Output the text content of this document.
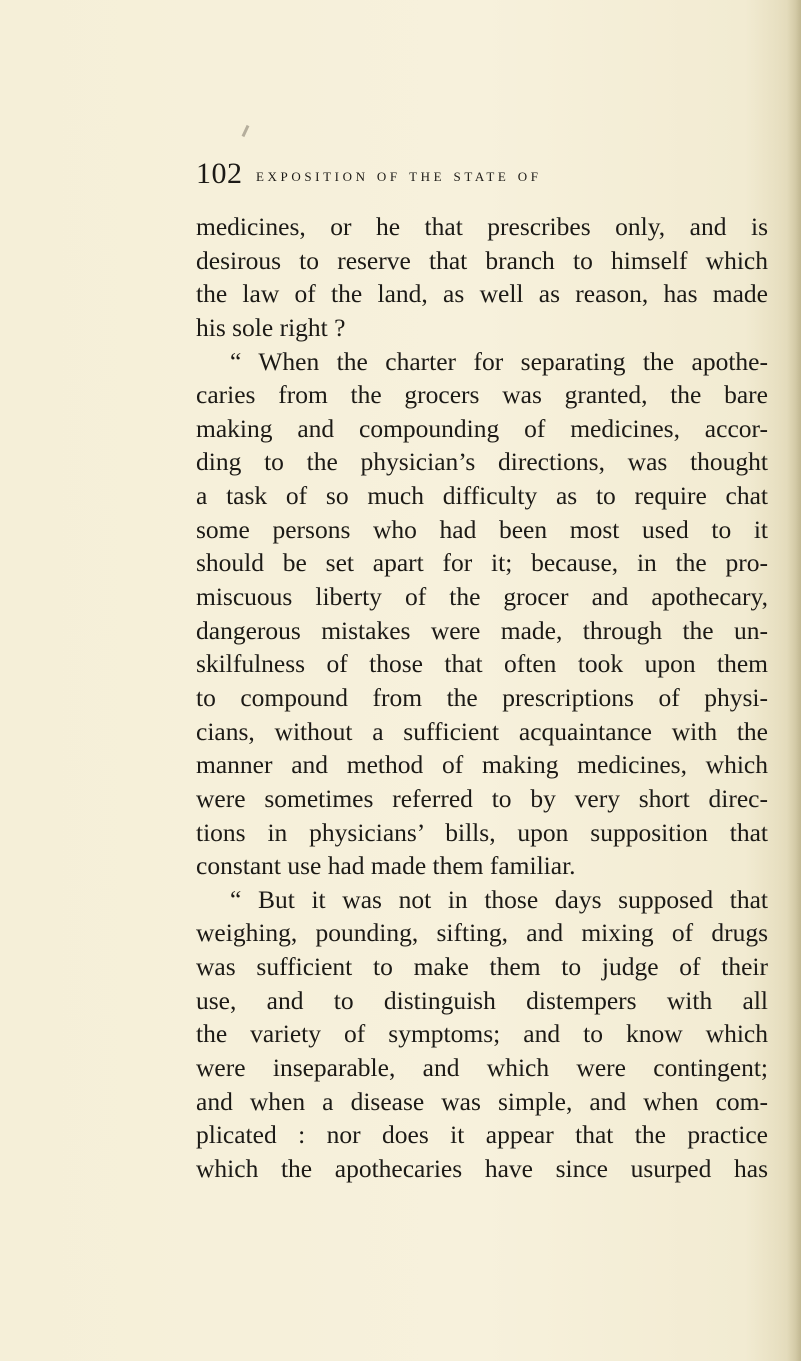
102 exposition of the state of
medicines, or he that prescribes only, and is
desirous to reserve that branch to himself which
the law of the land, as well as reason, has made
his sole right ?
“ When the charter for separating the apothe-
caries from the grocers was granted, the bare
making and compounding of medicines, accor-
ding to the physician’s directions, was thought
a task of so much difficulty as to require chat
some persons who had been most used to it
should be set apart for it; because, in the pro-
miscuous liberty of the grocer and apothecary,
dangerous mistakes were made, through the un-
skilfulness of those that often took upon them
to compound from the prescriptions of physi-
cians, without a sufficient acquaintance with the
manner and method of making medicines, which
were sometimes referred to by very short direc-
tions in physicians’ bills, upon supposition that
constant use had made them familiar.
“ But it was not in those days supposed that
weighing, pounding, sifting, and mixing of drugs
was sufficient to make them to judge of their
use, and to distinguish distempers with all
the variety of symptoms; and to know which
were inseparable, and which were contingent;
and when a disease was simple, and when com-
plicated : nor does it appear that the practice
which the apothecaries have since usurped has
